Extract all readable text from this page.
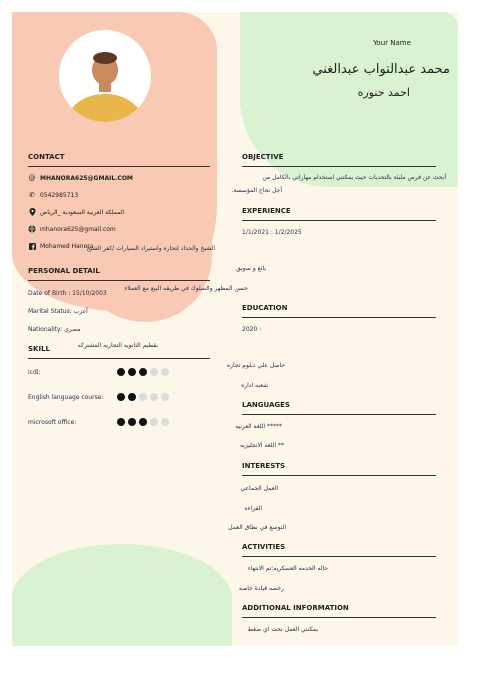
Your Name
محمد عبدالتواب عبدالغني
احمد حنوره
CONTACT
@ MHANORA625@GMAIL.COM
✆ 0542985713
المملكة العربية السعودية _الرياض
mhanora625@gmail.com
Mohamed Hanora
PERSONAL DETAIL
Date of Birth : 15/10/2003
Marital Status: أعزب
Nationality: مصري
SKILL
icdl:
English language course:
microsoft office:
OBJECTIVE
أبحث عن فرص ملبئة بالتحديات حيث يمكنني استخدام مهاراتي بالكامل من
أجل نجاح المؤسسة.
EXPERIENCE
1/1/2021 : 1/2/2025
الشيخ والحداد لتجاره واستيراد السيارات /كفر الشيخ
بائع و سويق
حسن المظهر والسلوك في طريقه البيع مع العملاء
EDUCATION
2020 :
بقطيم الثانويه التجاريه المشتركه
حاصل علي دبلوم تجاره
شعبه اداره
LANGUAGES
***** اللغه العربيه
** اللغه الانجليزيه
INTERESTS
العمل الجماعي
القراءه
التوسع في نطاق العمل
ACTIVITIES
حاله الخدمه العسكريه:تم الانتهاء
رخصه قيادة خاصه
ADDITIONAL INFORMATION
يمكنني العمل تحت اي ضغط
